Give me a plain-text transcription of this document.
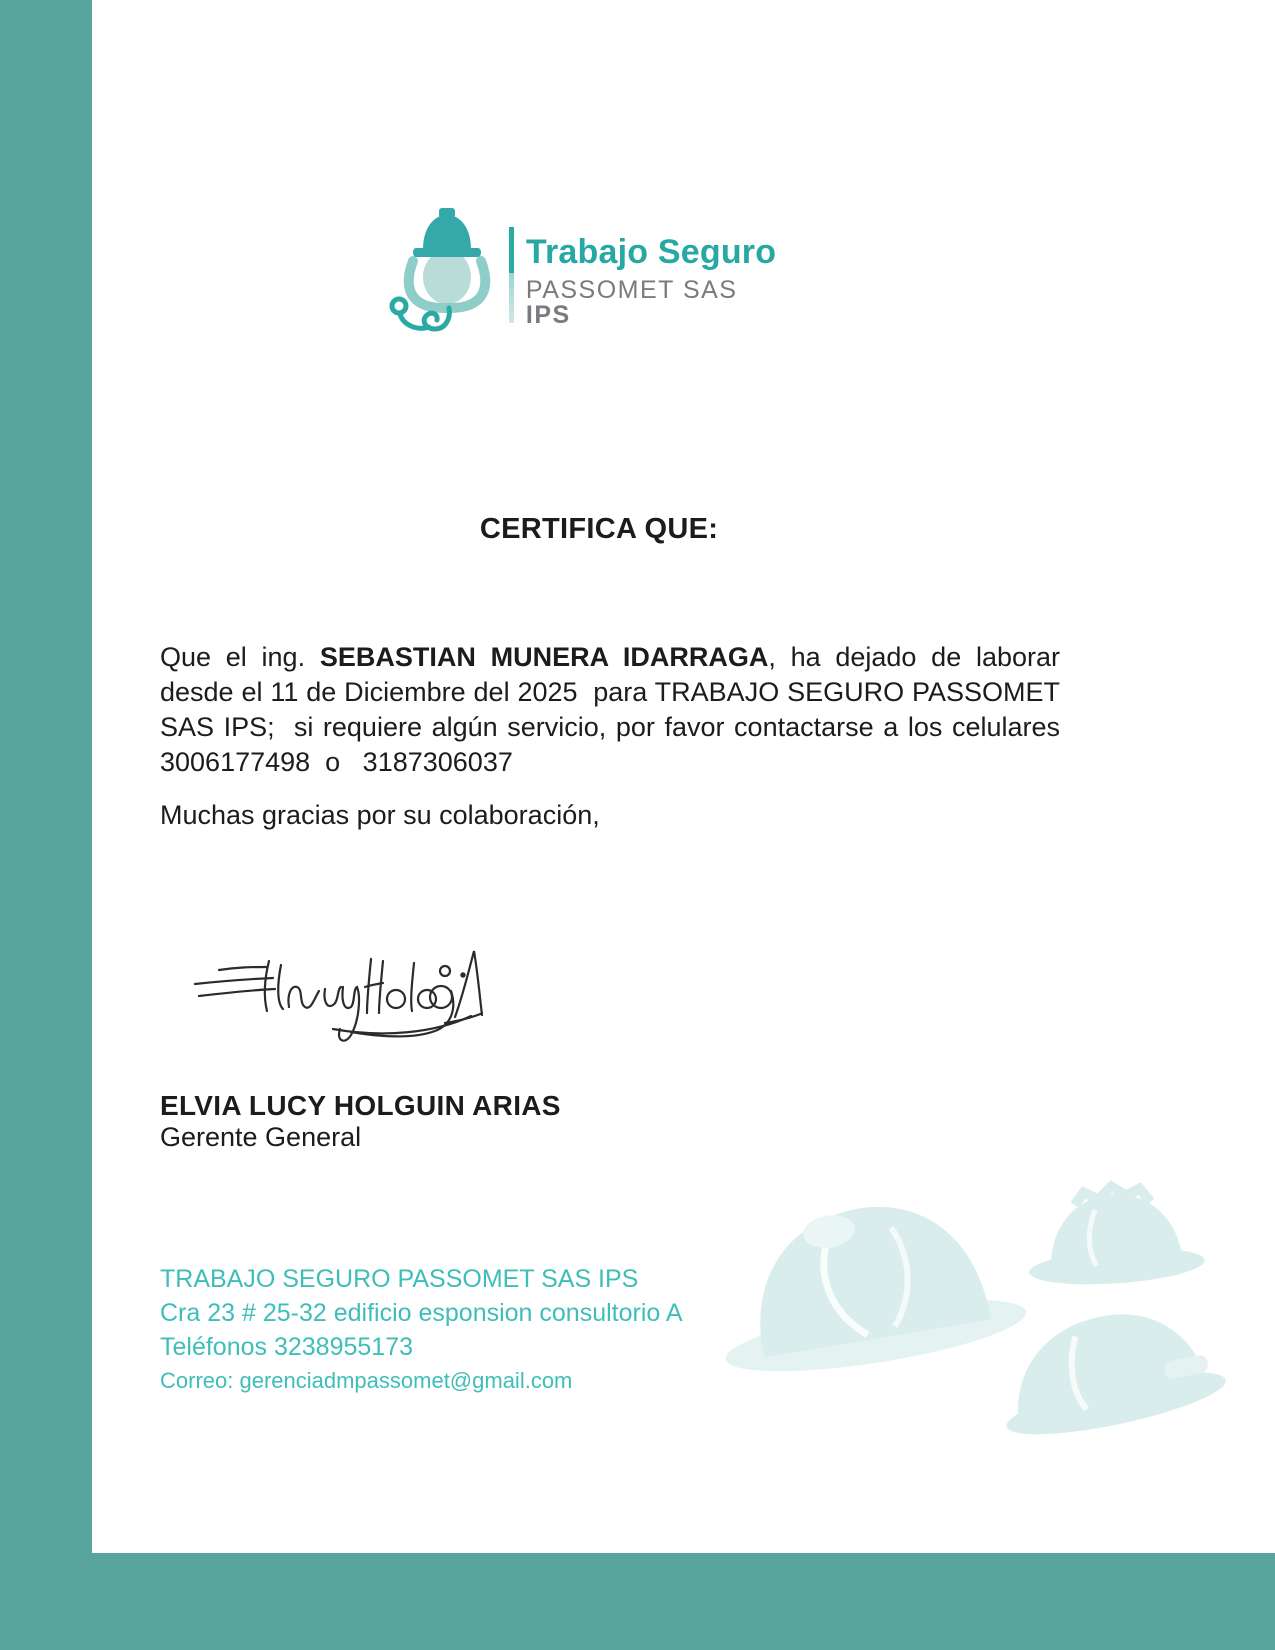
Trabajo Seguro
PASSOMET SAS IPS
CERTIFICA QUE:
Que el ing. SEBASTIAN MUNERA IDARRAGA, ha dejado de laborar desde el 11 de Diciembre del 2025  para TRABAJO SEGURO PASSOMET SAS IPS;  si requiere algún servicio, por favor contactarse a los celulares 3006177498  o   3187306037
Muchas gracias por su colaboración,
ELVIA LUCY HOLGUIN ARIAS
Gerente General
TRABAJO SEGURO PASSOMET SAS IPS
Cra 23 # 25-32 edificio esponsion consultorio A
Teléfonos 3238955173
Correo: gerenciadmpassomet@gmail.com
